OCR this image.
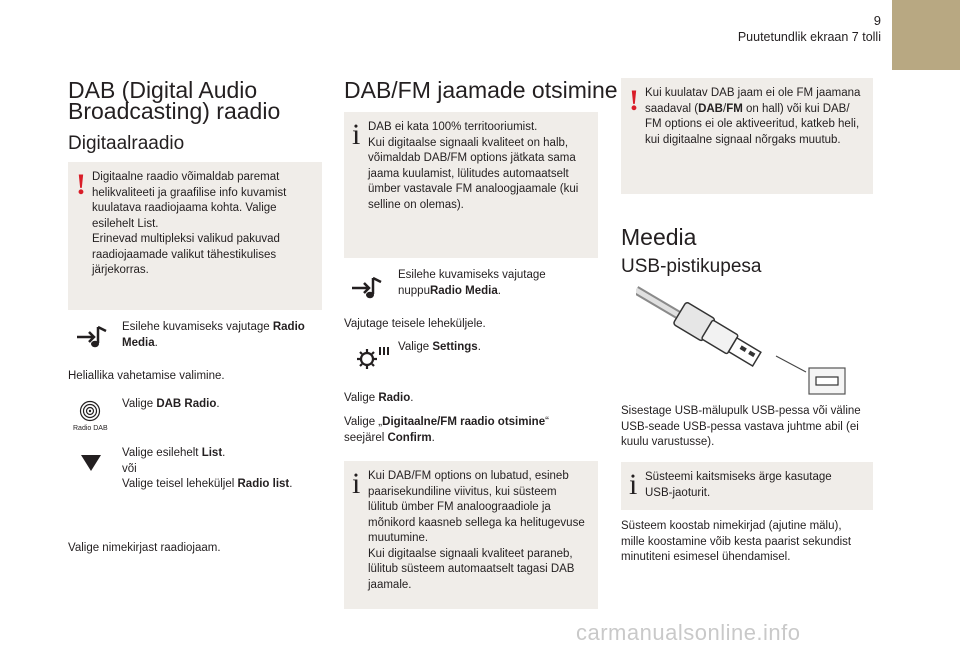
9
Puutetundlik ekraan 7 tolli
DAB (Digital Audio
Broadcasting) raadio
Digitaalraadio
! Digitaalne raadio võimaldab paremat
helikvaliteeti ja graafilise info kuvamist
kuulatava raadiojaama kohta. Valige
esilehelt List.
Erinevad multipleksi valikud pakuvad
raadiojaamade valikut tähestikulises
järjekorras.
Esilehe kuvamiseks vajutage Radio
Media.
Heliallika vahetamise valimine.
Radio DAB
Valige DAB Radio.
Valige esilehelt List.
või
Valige teisel leheküljel Radio list.
Valige nimekirjast raadiojaam.
DAB/FM jaamade otsimine
i DAB ei kata 100% territooriumist.
Kui digitaalse signaali kvaliteet on halb,
võimaldab DAB/FM options jätkata sama
jaama kuulamist, lülitudes automaatselt
ümber vastavale FM analoogjaamale (kui
selline on olemas).
Esilehe kuvamiseks vajutage
nuppuRadio Media.
Vajutage teisele leheküljele.
Valige Settings.
Valige Radio.
Valige „Digitaalne/FM raadio otsimine“
seejärel Confirm.
i Kui DAB/FM options on lubatud, esineb
paarisekundiline viivitus, kui süsteem
lülitub ümber FM analoograadiole ja
mõnikord kaasneb sellega ka helitugevuse
muutumine.
Kui digitaalse signaali kvaliteet paraneb,
lülitub süsteem automaatselt tagasi DAB
jaamale.
! Kui kuulatav DAB jaam ei ole FM jaamana
saadaval (DAB/FM on hall) või kui DAB/
FM options ei ole aktiveeritud, katkeb heli,
kui digitaalne signaal nõrgaks muutub.
Meedia
USB-pistikupesa
Sisestage USB-mälupulk USB-pessa või väline
USB-seade USB-pessa vastava juhtme abil (ei
kuulu varustusse).
i Süsteemi kaitsmiseks ärge kasutage
USB-jaoturit.
Süsteem koostab nimekirjad (ajutine mälu),
mille koostamine võib kesta paarist sekundist
minutiteni esimesel ühendamisel.
carmanualsonline.info
